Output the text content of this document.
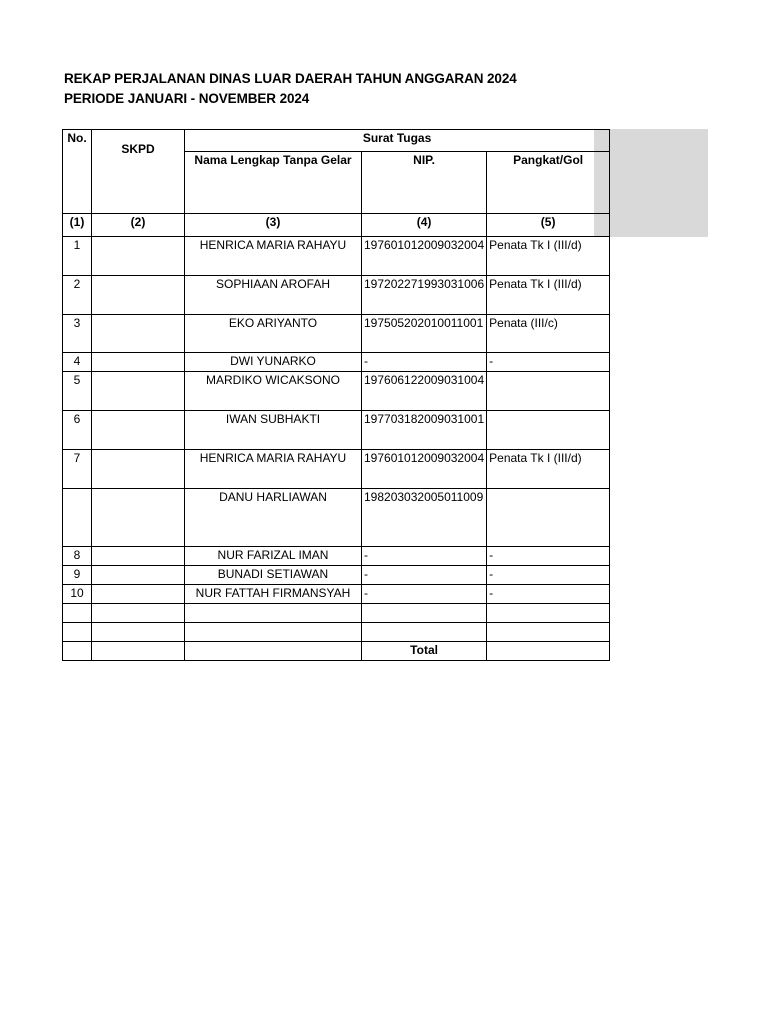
REKAP PERJALANAN DINAS LUAR DAERAH TAHUN ANGGARAN 2024
PERIODE JANUARI - NOVEMBER 2024
No.	SKPD	Surat Tugas		
		Nama Lengkap Tanpa Gelar	NIP.	Pangkat/Gol
(1)	(2)	(3)	(4)	(5)
1		HENRICA MARIA RAHAYU	197601012009032004	Penata Tk I (III/d)
2		SOPHIAAN AROFAH	197202271993031006	Penata Tk I (III/d)
3		EKO ARIYANTO	197505202010011001	Penata (III/c)
4		DWI YUNARKO	-	-
5		MARDIKO WICAKSONO	197606122009031004	
6		IWAN SUBHAKTI	197703182009031001	
7		HENRICA MARIA RAHAYU	197601012009032004	Penata Tk I (III/d)
		DANU HARLIAWAN	198203032005011009	
8		NUR FARIZAL IMAN	-	-
9		BUNADI SETIAWAN	-	-
10		NUR FATTAH FIRMANSYAH	-	-

			Total	
